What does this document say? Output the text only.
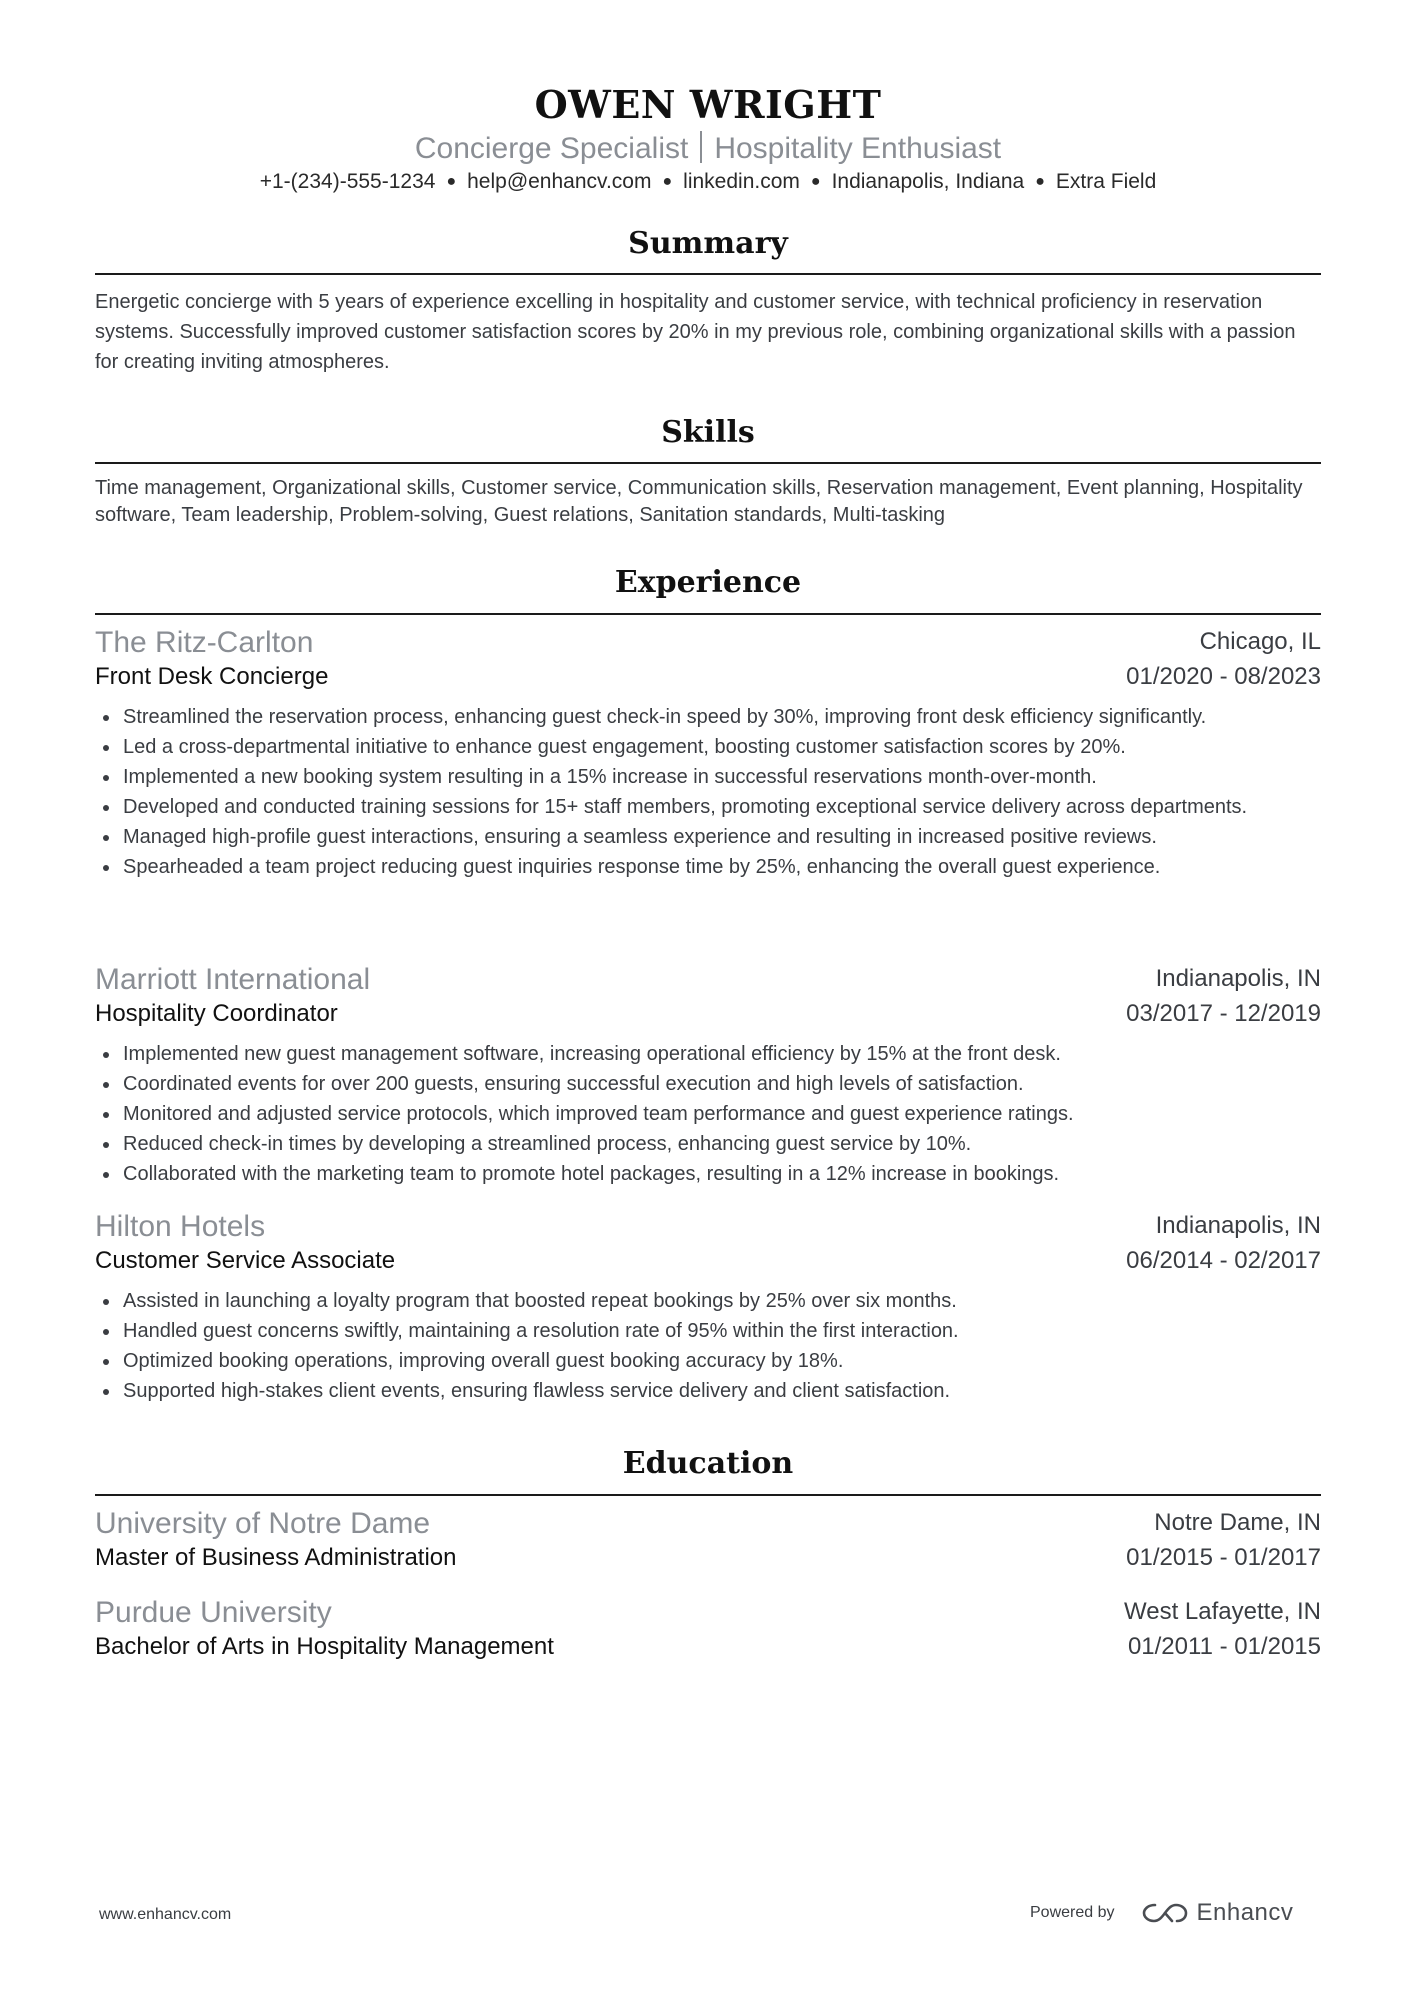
OWEN WRIGHT
Concierge Specialist Hospitality Enthusiast
+1-(234)-555-1234 ● help@enhancv.com ● linkedin.com ● Indianapolis, Indiana ● Extra Field
Summary
Energetic concierge with 5 years of experience excelling in hospitality and customer service, with technical proficiency in reservation systems. Successfully improved customer satisfaction scores by 20% in my previous role, combining organizational skills with a passion for creating inviting atmospheres.
Skills
Time management, Organizational skills, Customer service, Communication skills, Reservation management, Event planning, Hospitality software, Team leadership, Problem-solving, Guest relations, Sanitation standards, Multi-tasking
Experience
The Ritz-Carlton	Chicago, IL
Front Desk Concierge	01/2020 - 08/2023
Streamlined the reservation process, enhancing guest check-in speed by 30%, improving front desk efficiency significantly.
Led a cross-departmental initiative to enhance guest engagement, boosting customer satisfaction scores by 20%.
Implemented a new booking system resulting in a 15% increase in successful reservations month-over-month.
Developed and conducted training sessions for 15+ staff members, promoting exceptional service delivery across departments.
Managed high-profile guest interactions, ensuring a seamless experience and resulting in increased positive reviews.
Spearheaded a team project reducing guest inquiries response time by 25%, enhancing the overall guest experience.
Marriott International	Indianapolis, IN
Hospitality Coordinator	03/2017 - 12/2019
Implemented new guest management software, increasing operational efficiency by 15% at the front desk.
Coordinated events for over 200 guests, ensuring successful execution and high levels of satisfaction.
Monitored and adjusted service protocols, which improved team performance and guest experience ratings.
Reduced check-in times by developing a streamlined process, enhancing guest service by 10%.
Collaborated with the marketing team to promote hotel packages, resulting in a 12% increase in bookings.
Hilton Hotels	Indianapolis, IN
Customer Service Associate	06/2014 - 02/2017
Assisted in launching a loyalty program that boosted repeat bookings by 25% over six months.
Handled guest concerns swiftly, maintaining a resolution rate of 95% within the first interaction.
Optimized booking operations, improving overall guest booking accuracy by 18%.
Supported high-stakes client events, ensuring flawless service delivery and client satisfaction.
Education
University of Notre Dame	Notre Dame, IN
Master of Business Administration	01/2015 - 01/2017
Purdue University	West Lafayette, IN
Bachelor of Arts in Hospitality Management	01/2011 - 01/2015
www.enhancv.com	Powered by	Enhancv
